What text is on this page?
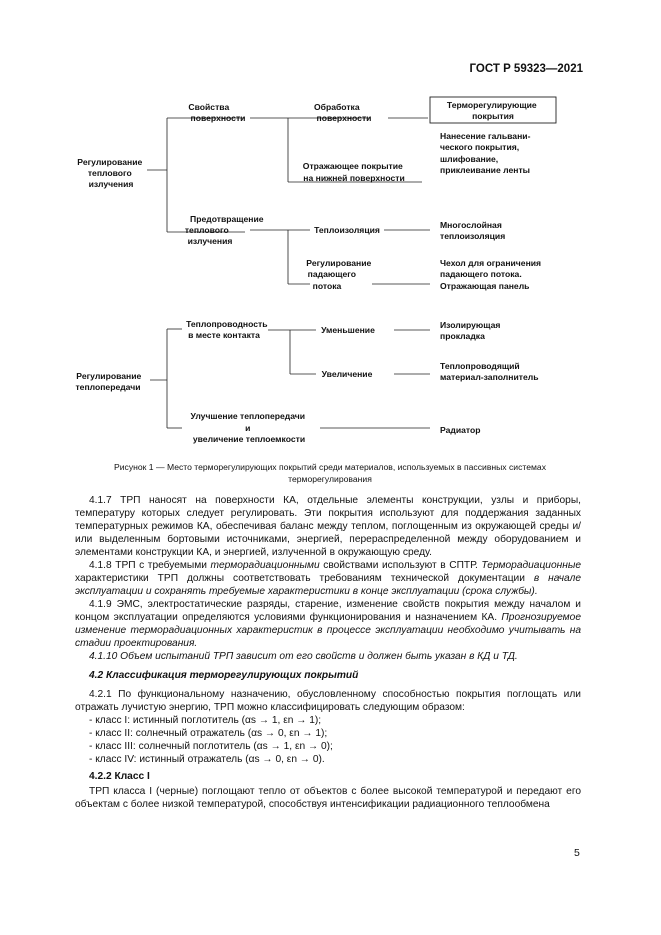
ГОСТ Р 59323—2021
Регулирование теплового излучения
Свойства поверхности
Обработка поверхности
Терморегулирующие покрытия
Нанесение гальвани- ческого покрытия, шлифование, приклеивание ленты
Отражающее покрытие на нижней поверхности
Предотвращение теплового излучения
Теплоизоляция	Многослойная теплоизоляция
Регулирование падающего потока
Чехол для ограничения падающего потока. Отражающая панель
Регулирование теплопередачи
Теплопроводность в месте контакта	Уменьшение	Изолирующая прокладка
Увеличение
Теплопроводящий материал-заполнитель
Улучшение теплопередачи и увеличение теплоемкости
Радиатор
Рисунок 1 — Место терморегулирующих покрытий среди материалов, используемых в пассивных системах
терморегулирования

4.1.7 ТРП наносят на поверхности КА, отдельные элементы конструкции, узлы и приборы, температуру которых следует регулировать. Эти покрытия используют для поддержания заданных температурных режимов КА, обеспечивая баланс между теплом, поглощенным из окружающей среды и/или выделенным бортовыми источниками, энергией, перераспределенной между оборудованием и элементами конструкции КА, и энергией, излученной в окружающую среду.

4.1.8 ТРП с требуемыми терморадиационными свойствами используют в СПТР. Терморадиационные характеристики ТРП должны соответствовать требованиям технической документации в начале эксплуатации и сохранять требуемые характеристики в конце эксплуатации (срока службы).

4.1.9 ЭМС, электростатические разряды, старение, изменение свойств покрытия между началом и концом эксплуатации определяются условиями функционирования и назначением КА. Прогнозируемое изменение терморадиационных характеристик в процессе эксплуатации необходимо учитывать на стадии проектирования.

4.1.10 Объем испытаний ТРП зависит от его свойств и должен быть указан в КД и ТД.

4.2 Классификация терморегулирующих покрытий

4.2.1 По функциональному назначению, обусловленному способностью покрытия поглощать или отражать лучистую энергию, ТРП можно классифицировать следующим образом:

- класс I: истинный поглотитель (αs → 1, εn → 1);

- класс II: солнечный отражатель (αs → 0, εn → 1);

- класс III: солнечный поглотитель (αs → 1, εn → 0);

- класс IV: истинный отражатель (αs → 0, εn → 0).

4.2.2 Класс I

ТРП класса I (черные) поглощают тепло от объектов с более высокой температурой и передают его объектам с более низкой температурой, способствуя интенсификации радиационного теплообмена

5
